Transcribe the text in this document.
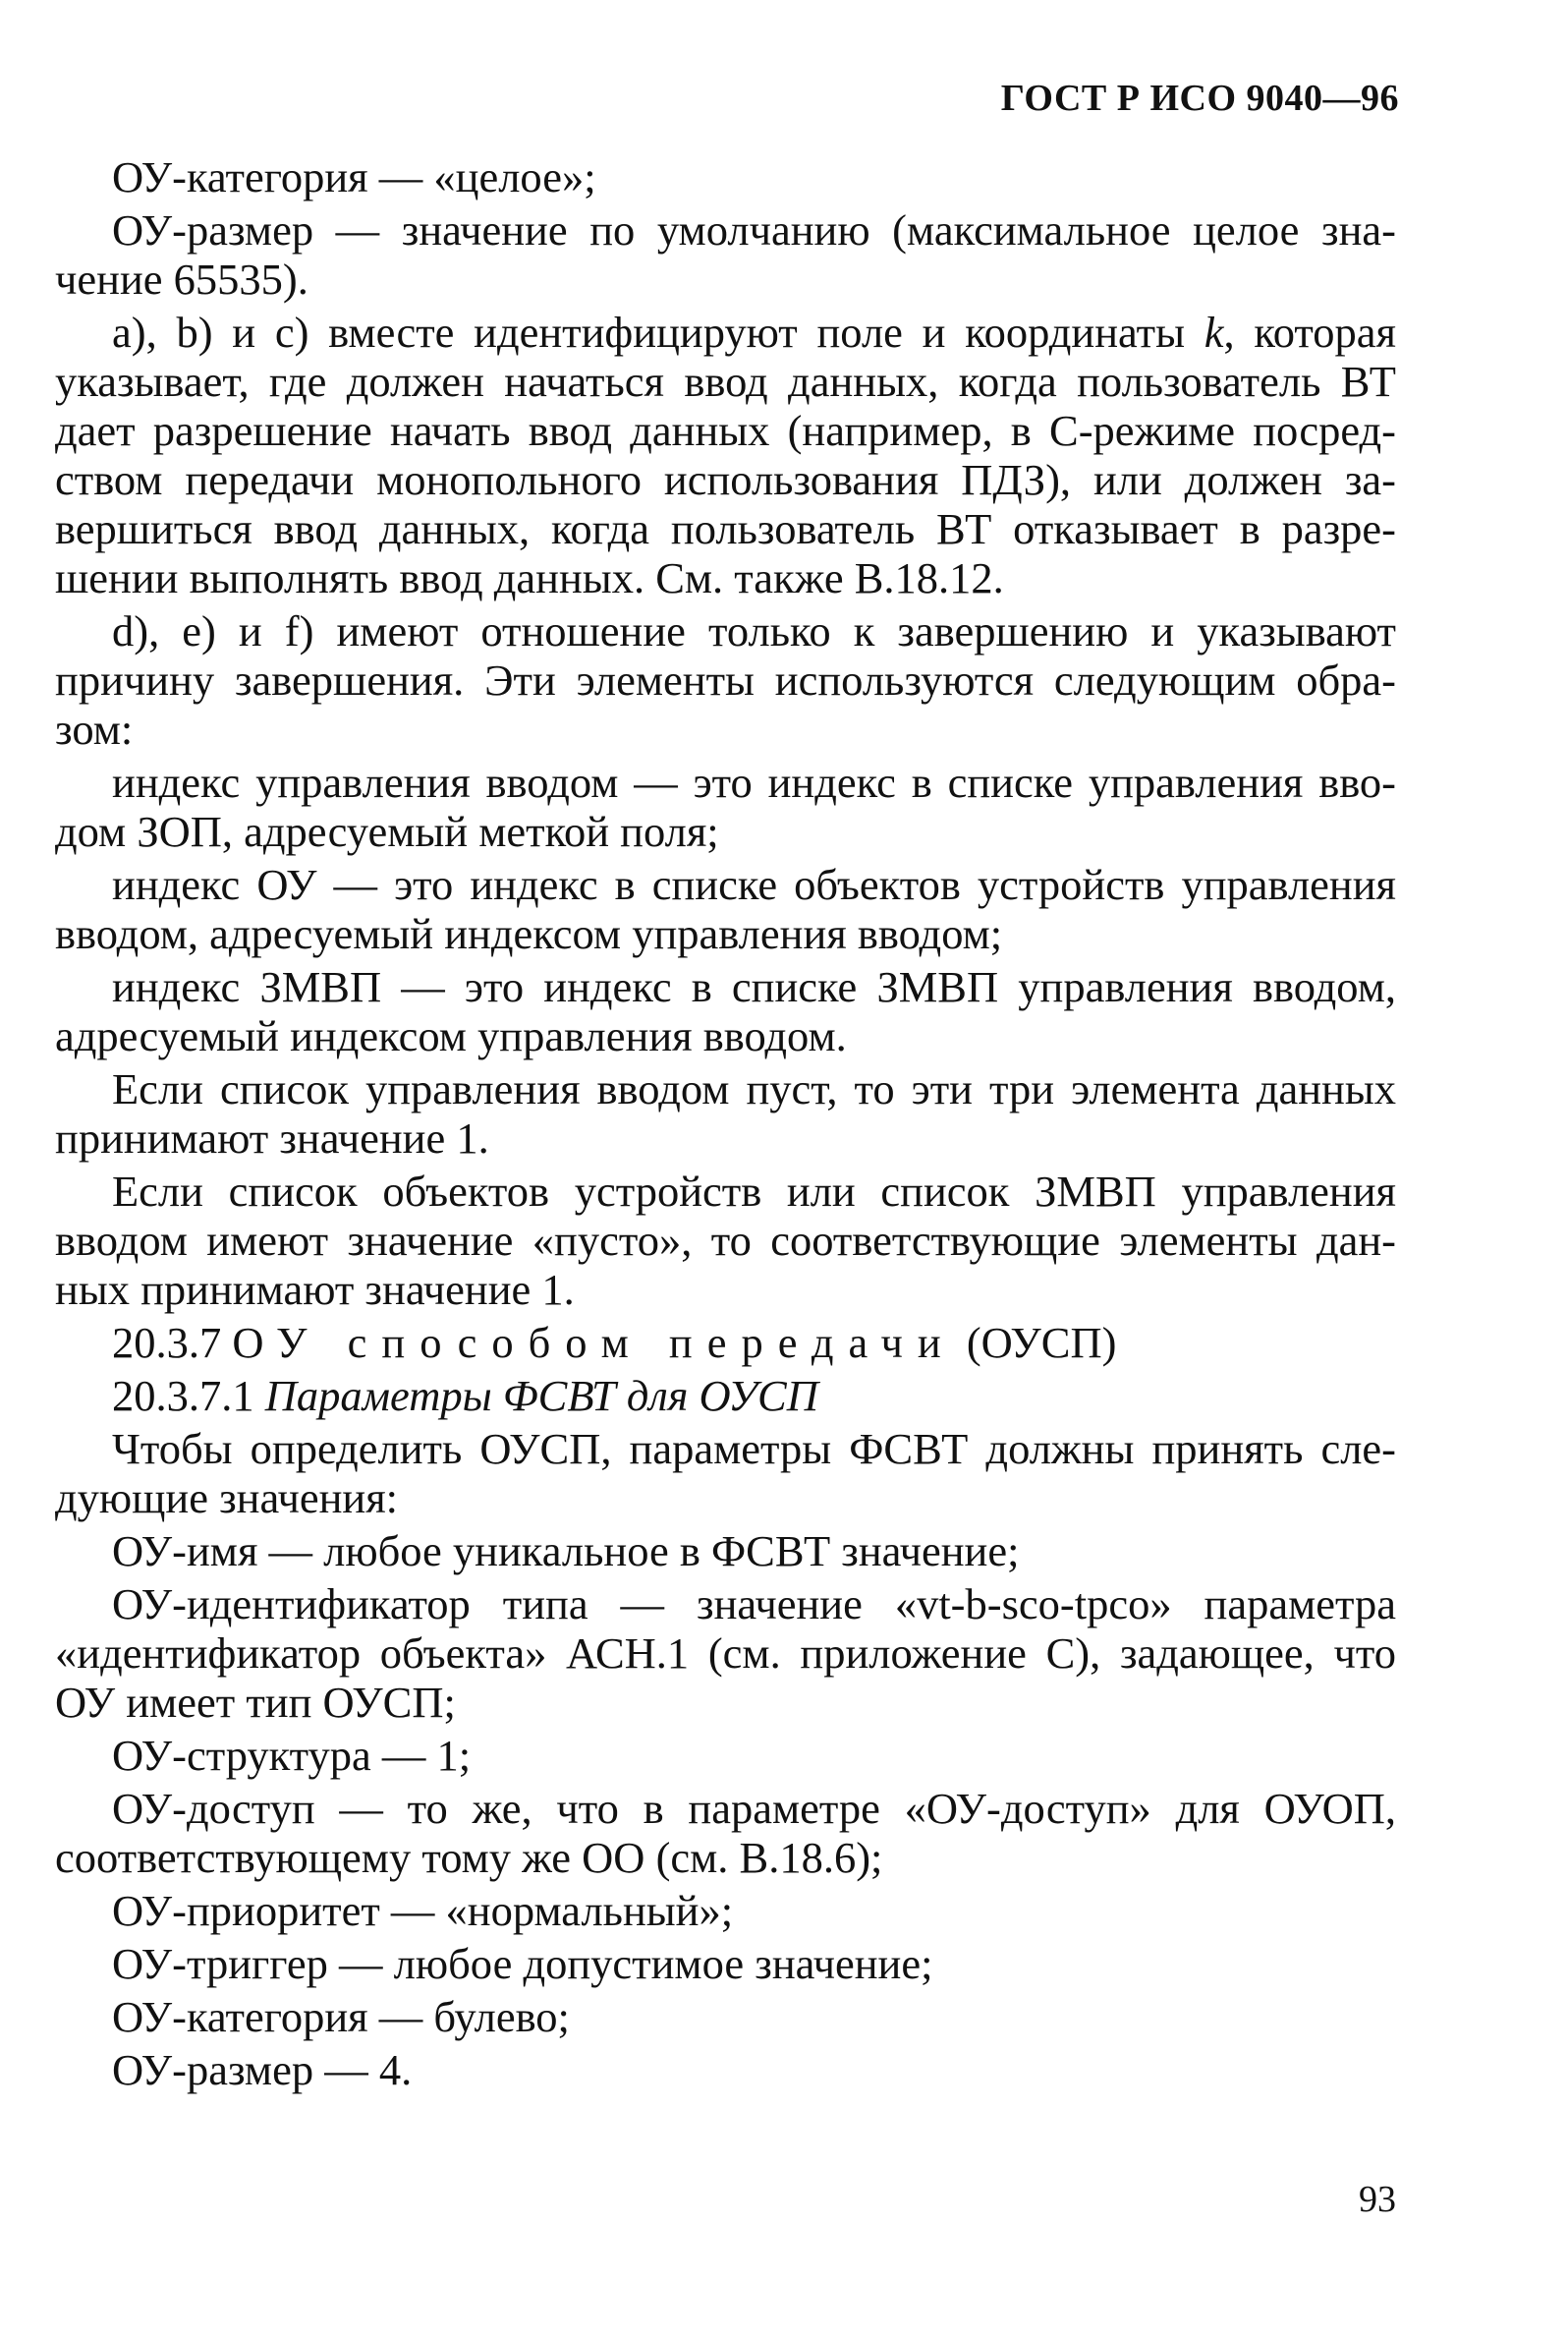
ГОСТ Р ИСО 9040—96

ОУ-категория — «целое»;

ОУ-размер — значение по умолчанию (максимальное целое значение 65535).

а), b) и с) вместе идентифицируют поле и координаты k, которая указывает, где должен начаться ввод данных, когда пользователь ВТ дает разрешение начать ввод данных (например, в С-режиме посредством передачи монопольного использования ПДЗ), или должен завершиться ввод данных, когда пользователь ВТ отказывает в разрешении выполнять ввод данных. См. также В.18.12.

d), е) и f) имеют отношение только к завершению и указывают причину завершения. Эти элементы используются следующим образом:

индекс управления вводом — это индекс в списке управления вводом ЗОП, адресуемый меткой поля;

индекс ОУ — это индекс в списке объектов устройств управления вводом, адресуемый индексом управления вводом;

индекс ЗМВП — это индекс в списке ЗМВП управления вводом, адресуемый индексом управления вводом.

Если список управления вводом пуст, то эти три элемента данных принимают значение 1.

Если список объектов устройств или список ЗМВП управления вводом имеют значение «пусто», то соответствующие элементы данных принимают значение 1.

20.3.7 ОУ способом передачи (ОУСП)

20.3.7.1 Параметры ФСВТ для ОУСП

Чтобы определить ОУСП, параметры ФСВТ должны принять следующие значения:

ОУ-имя — любое уникальное в ФСВТ значение;

ОУ-идентификатор типа — значение «vt-b-sco-tpco» параметра «идентификатор объекта» АСН.1 (см. приложение С), задающее, что ОУ имеет тип ОУСП;

ОУ-структура — 1;

ОУ-доступ — то же, что в параметре «ОУ-доступ» для ОУОП, соответствующему тому же ОО (см. В.18.6);

ОУ-приоритет — «нормальный»;

ОУ-триггер — любое допустимое значение;

ОУ-категория — булево;

ОУ-размер — 4.

93
